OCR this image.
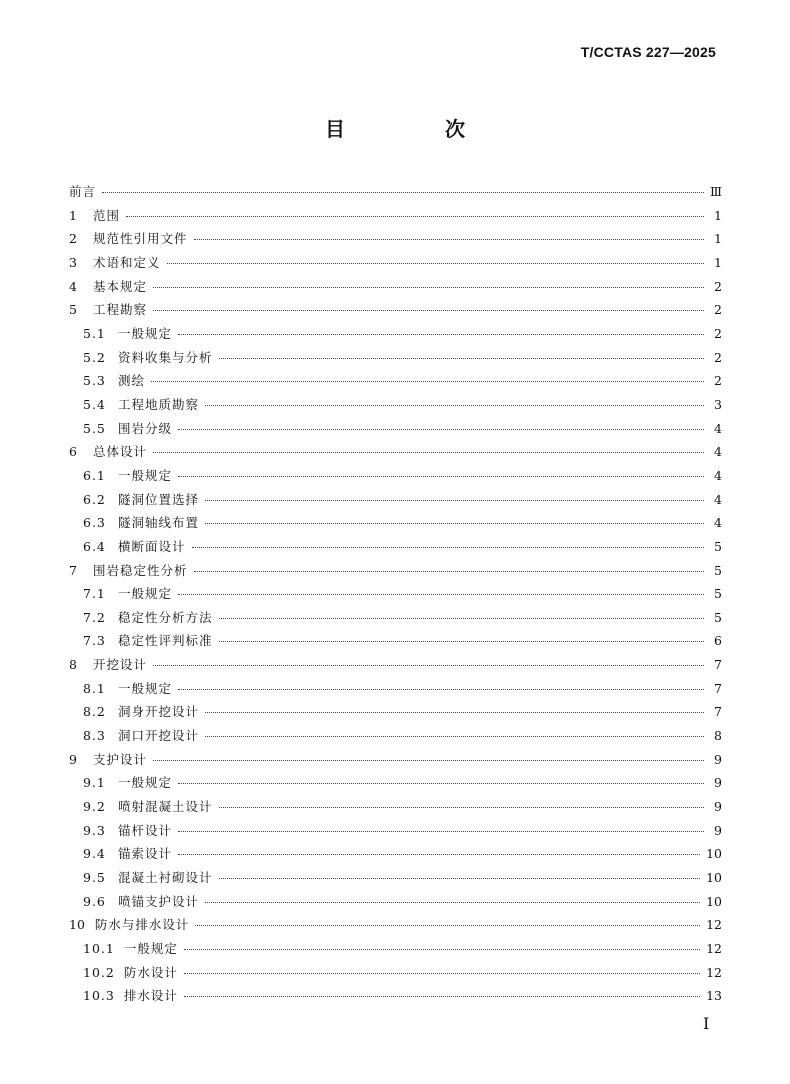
T/CCTAS 227—2025
目　次
前言	Ⅲ
1	范围	1
2	规范性引用文件	1
3	术语和定义	1
4	基本规定	2
5	工程勘察	2
5.1 一般规定	2
5.2 资料收集与分析	2
5.3 测绘	2
5.4 工程地质勘察	3
5.5 围岩分级	4
6	总体设计	4
6.1 一般规定	4
6.2 隧洞位置选择	4
6.3 隧洞轴线布置	4
6.4 横断面设计	5
7	围岩稳定性分析	5
7.1 一般规定	5
7.2 稳定性分析方法	5
7.3 稳定性评判标准	6
8	开挖设计	7
8.1 一般规定	7
8.2 洞身开挖设计	7
8.3 洞口开挖设计	8
9	支护设计	9
9.1 一般规定	9
9.2 喷射混凝土设计	9
9.3 锚杆设计	9
9.4 锚索设计	10
9.5 混凝土衬砌设计	10
9.6 喷锚支护设计	10
10 防水与排水设计	12
10.1 一般规定	12
10.2 防水设计	12
10.3 排水设计	13
I
